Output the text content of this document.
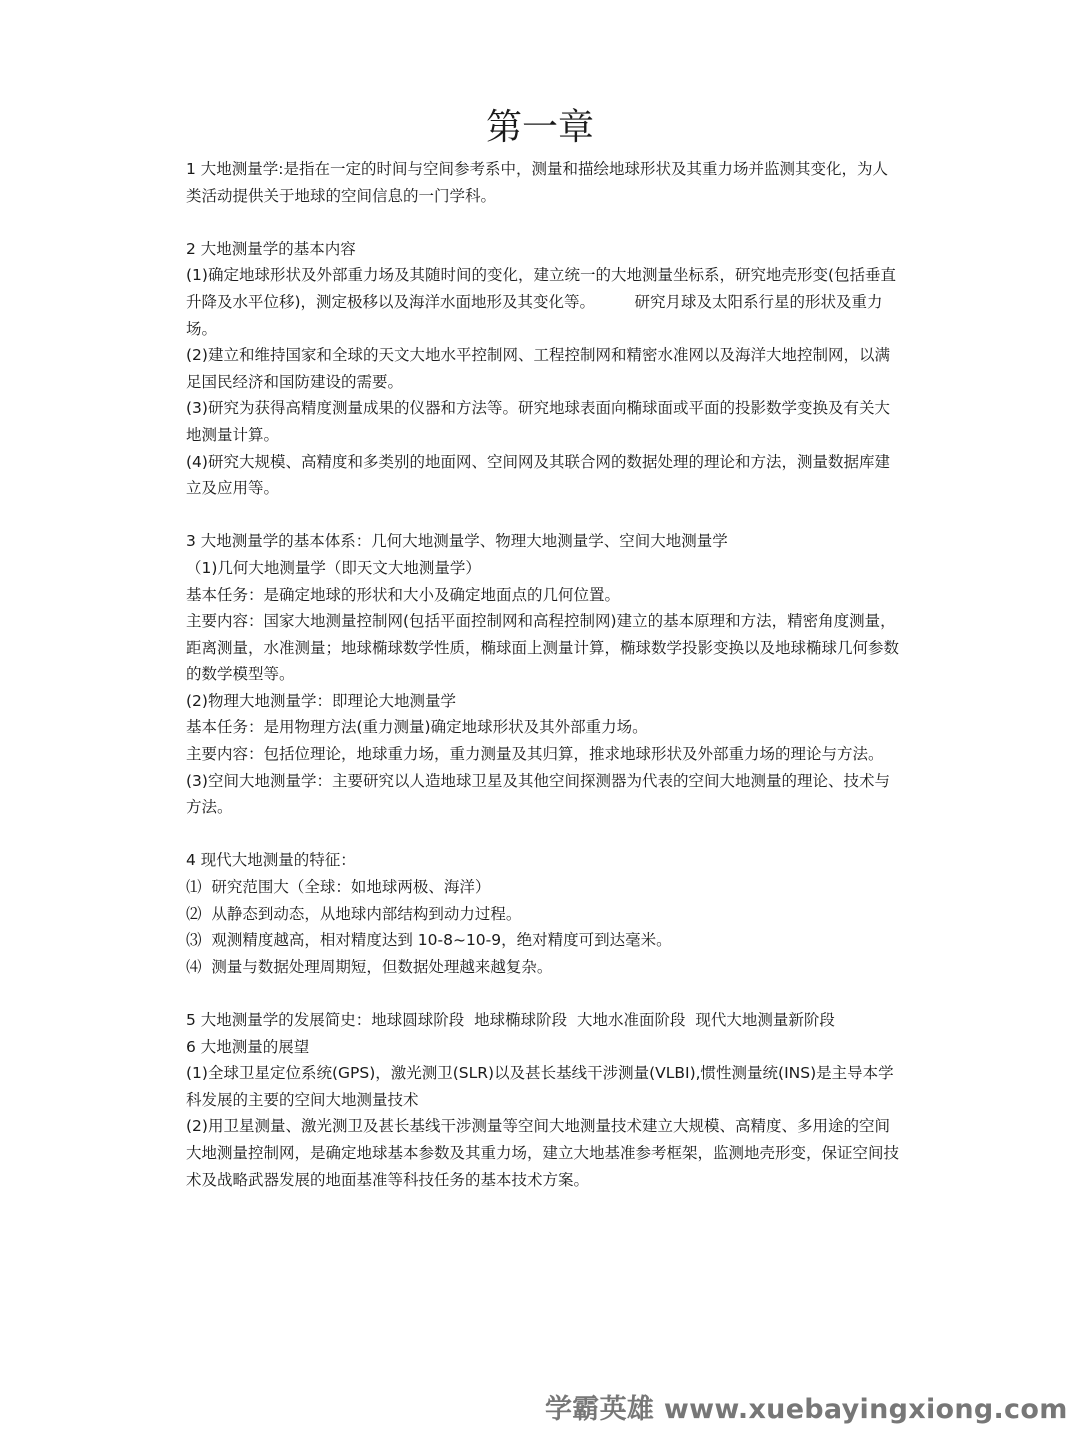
第一章

1 大地测量学:是指在一定的时间与空间参考系中，测量和描绘地球形状及其重力场并监测其变化，为人类活动提供关于地球的空间信息的一门学科。

2 大地测量学的基本内容

(1)确定地球形状及外部重力场及其随时间的变化，建立统一的大地测量坐标系，研究地壳形变(包括垂直升降及水平位移)，测定极移以及海洋水面地形及其变化等。        研究月球及太阳系行星的形状及重力场。

(2)建立和维持国家和全球的天文大地水平控制网、工程控制网和精密水准网以及海洋大地控制网，以满足国民经济和国防建设的需要。

(3)研究为获得高精度测量成果的仪器和方法等。研究地球表面向椭球面或平面的投影数学变换及有关大地测量计算。

(4)研究大规模、高精度和多类别的地面网、空间网及其联合网的数据处理的理论和方法，测量数据库建立及应用等。

3 大地测量学的基本体系：几何大地测量学、物理大地测量学、空间大地测量学

（1)几何大地测量学（即天文大地测量学）

基本任务：是确定地球的形状和大小及确定地面点的几何位置。

主要内容：国家大地测量控制网(包括平面控制网和高程控制网)建立的基本原理和方法，精密角度测量，距离测量，水准测量；地球椭球数学性质，椭球面上测量计算，椭球数学投影变换以及地球椭球几何参数的数学模型等。

(2)物理大地测量学：即理论大地测量学

基本任务：是用物理方法(重力测量)确定地球形状及其外部重力场。

主要内容：包括位理论，地球重力场，重力测量及其归算，推求地球形状及外部重力场的理论与方法。

(3)空间大地测量学：主要研究以人造地球卫星及其他空间探测器为代表的空间大地测量的理论、技术与方法。

4 现代大地测量的特征：

⑴  研究范围大（全球：如地球两极、海洋）

⑵  从静态到动态，从地球内部结构到动力过程。

⑶  观测精度越高，相对精度达到 10-8~10-9，绝对精度可到达毫米。

⑷  测量与数据处理周期短，但数据处理越来越复杂。

5 大地测量学的发展简史：地球圆球阶段  地球椭球阶段  大地水准面阶段  现代大地测量新阶段

6 大地测量的展望

(1)全球卫星定位系统(GPS)，激光测卫(SLR)以及甚长基线干涉测量(VLBI),惯性测量统(INS)是主导本学科发展的主要的空间大地测量技术

(2)用卫星测量、激光测卫及甚长基线干涉测量等空间大地测量技术建立大规模、高精度、多用途的空间大地测量控制网，是确定地球基本参数及其重力场，建立大地基准参考框架，监测地壳形变，保证空间技术及战略武器发展的地面基准等科技任务的基本技术方案。

学霸英雄 www.xuebayingxiong.com
